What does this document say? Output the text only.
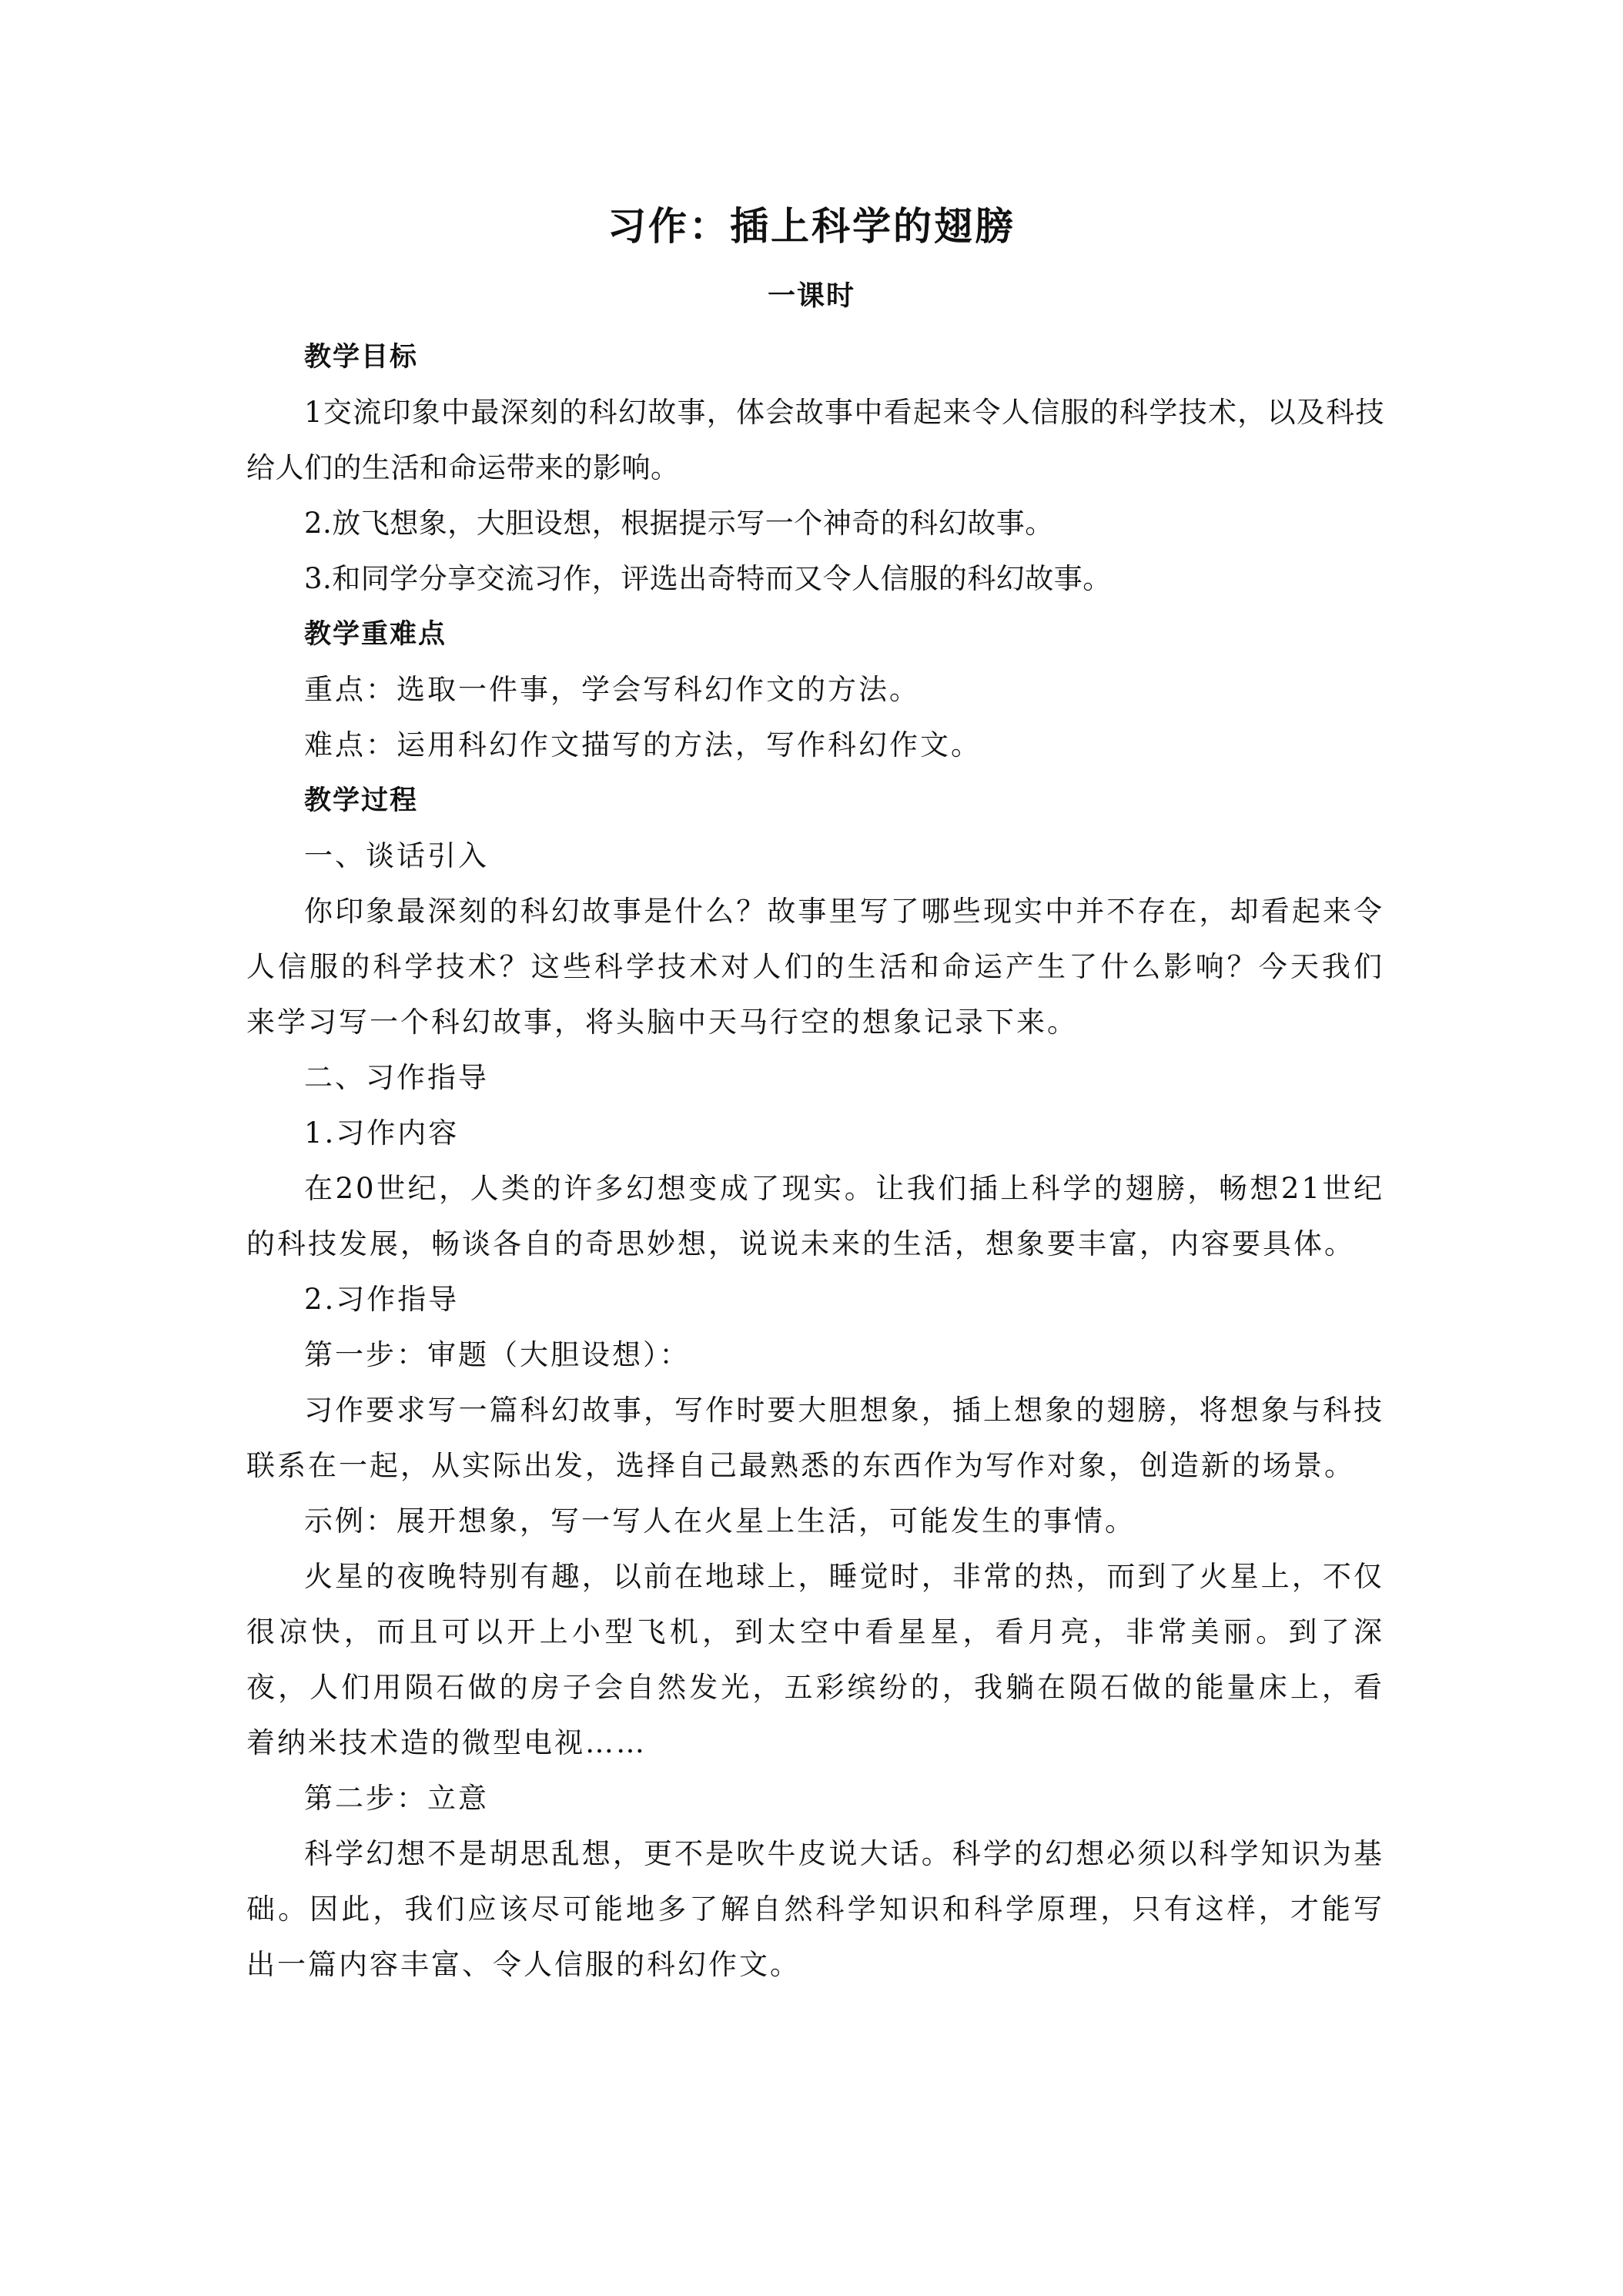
习作：插上科学的翅膀
一课时

教学目标

1交流印象中最深刻的科幻故事，体会故事中看起来令人信服的科学技术，以及科技给人们的生活和命运带来的影响。

2.放飞想象，大胆设想，根据提示写一个神奇的科幻故事。

3.和同学分享交流习作，评选出奇特而又令人信服的科幻故事。

教学重难点

重点：选取一件事，学会写科幻作文的方法。

难点：运用科幻作文描写的方法，写作科幻作文。

教学过程

一、谈话引入

你印象最深刻的科幻故事是什么？故事里写了哪些现实中并不存在，却看起来令人信服的科学技术？这些科学技术对人们的生活和命运产生了什么影响？今天我们来学习写一个科幻故事，将头脑中天马行空的想象记录下来。

二、习作指导

1.习作内容

在20世纪，人类的许多幻想变成了现实。让我们插上科学的翅膀，畅想21世纪的科技发展，畅谈各自的奇思妙想，说说未来的生活，想象要丰富，内容要具体。

2.习作指导

第一步：审题（大胆设想）：

习作要求写一篇科幻故事，写作时要大胆想象，插上想象的翅膀，将想象与科技联系在一起，从实际出发，选择自己最熟悉的东西作为写作对象，创造新的场景。

示例：展开想象，写一写人在火星上生活，可能发生的事情。

火星的夜晚特别有趣，以前在地球上，睡觉时，非常的热，而到了火星上，不仅很凉快，而且可以开上小型飞机，到太空中看星星，看月亮，非常美丽。到了深夜，人们用陨石做的房子会自然发光，五彩缤纷的，我躺在陨石做的能量床上，看着纳米技术造的微型电视……

第二步：立意

科学幻想不是胡思乱想，更不是吹牛皮说大话。科学的幻想必须以科学知识为基础。因此，我们应该尽可能地多了解自然科学知识和科学原理，只有这样，才能写出一篇内容丰富、令人信服的科幻作文。
